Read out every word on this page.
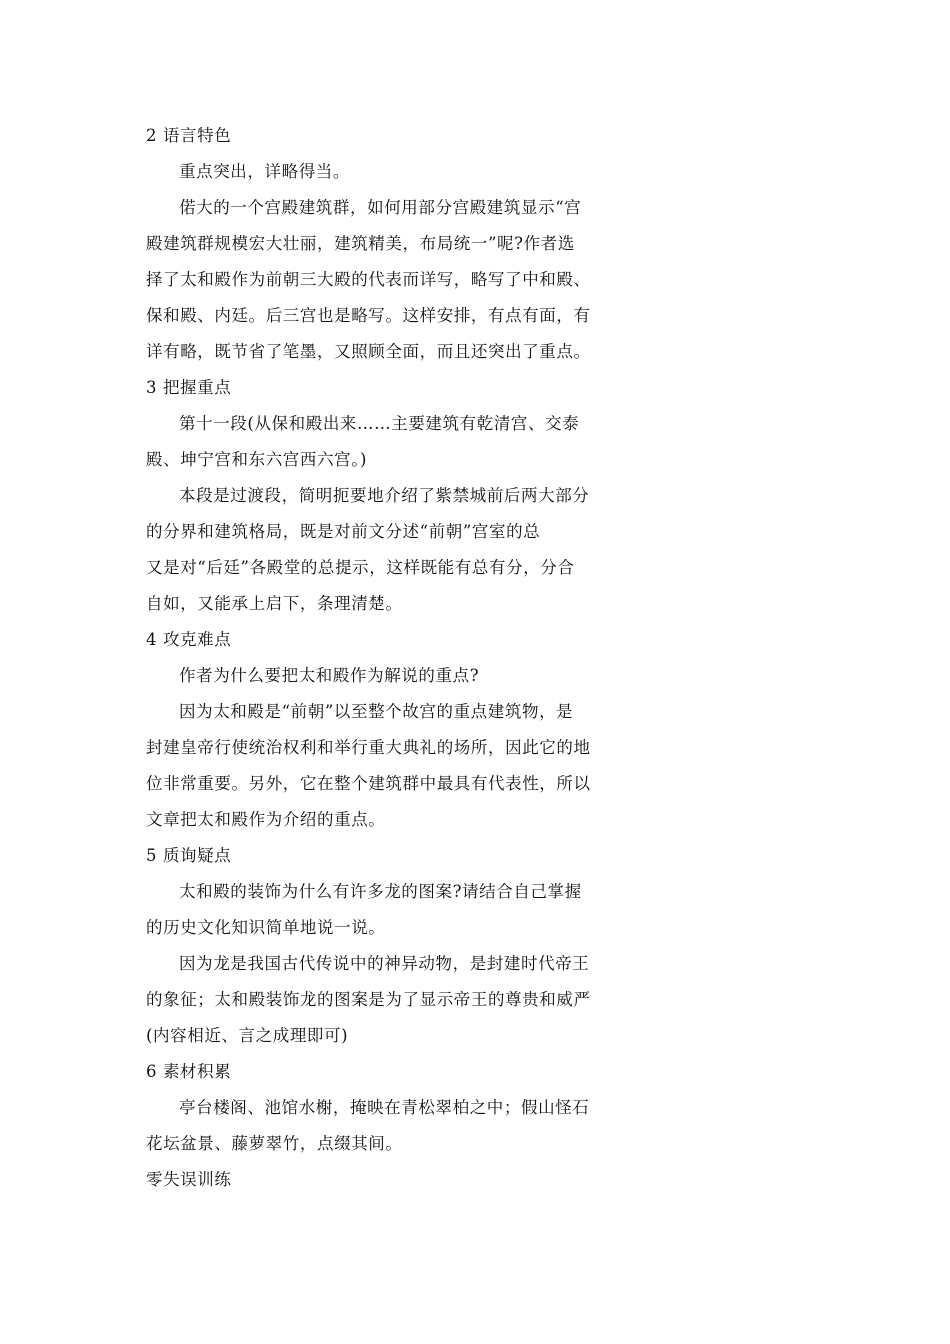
2 语言特色
重点突出，详略得当。
偌大的一个宫殿建筑群，如何用部分宫殿建筑显示“宫
殿建筑群规模宏大壮丽，建筑精美，布局统一”呢?作者选
择了太和殿作为前朝三大殿的代表而详写，略写了中和殿、
保和殿、内廷。后三宫也是略写。这样安排，有点有面，有
详有略，既节省了笔墨，又照顾全面，而且还突出了重点。
3 把握重点
第十一段(从保和殿出来……主要建筑有乾清宫、交泰
殿、坤宁宫和东六宫西六宫。)
本段是过渡段，简明扼要地介绍了紫禁城前后两大部分
的分界和建筑格局，既是对前文分述“前朝”宫室的总
又是对“后廷”各殿堂的总提示，这样既能有总有分，分合
自如，又能承上启下，条理清楚。
4 攻克难点
作者为什么要把太和殿作为解说的重点?
因为太和殿是“前朝”以至整个故宫的重点建筑物，是
封建皇帝行使统治权利和举行重大典礼的场所，因此它的地
位非常重要。另外，它在整个建筑群中最具有代表性，所以
文章把太和殿作为介绍的重点。
5 质询疑点
太和殿的装饰为什么有许多龙的图案?请结合自己掌握
的历史文化知识简单地说一说。
因为龙是我国古代传说中的神异动物，是封建时代帝王
的象征；太和殿装饰龙的图案是为了显示帝王的尊贵和威严
(内容相近、言之成理即可)
6 素材积累
亭台楼阁、池馆水榭，掩映在青松翠柏之中；假山怪石
花坛盆景、藤萝翠竹，点缀其间。
零失误训练
